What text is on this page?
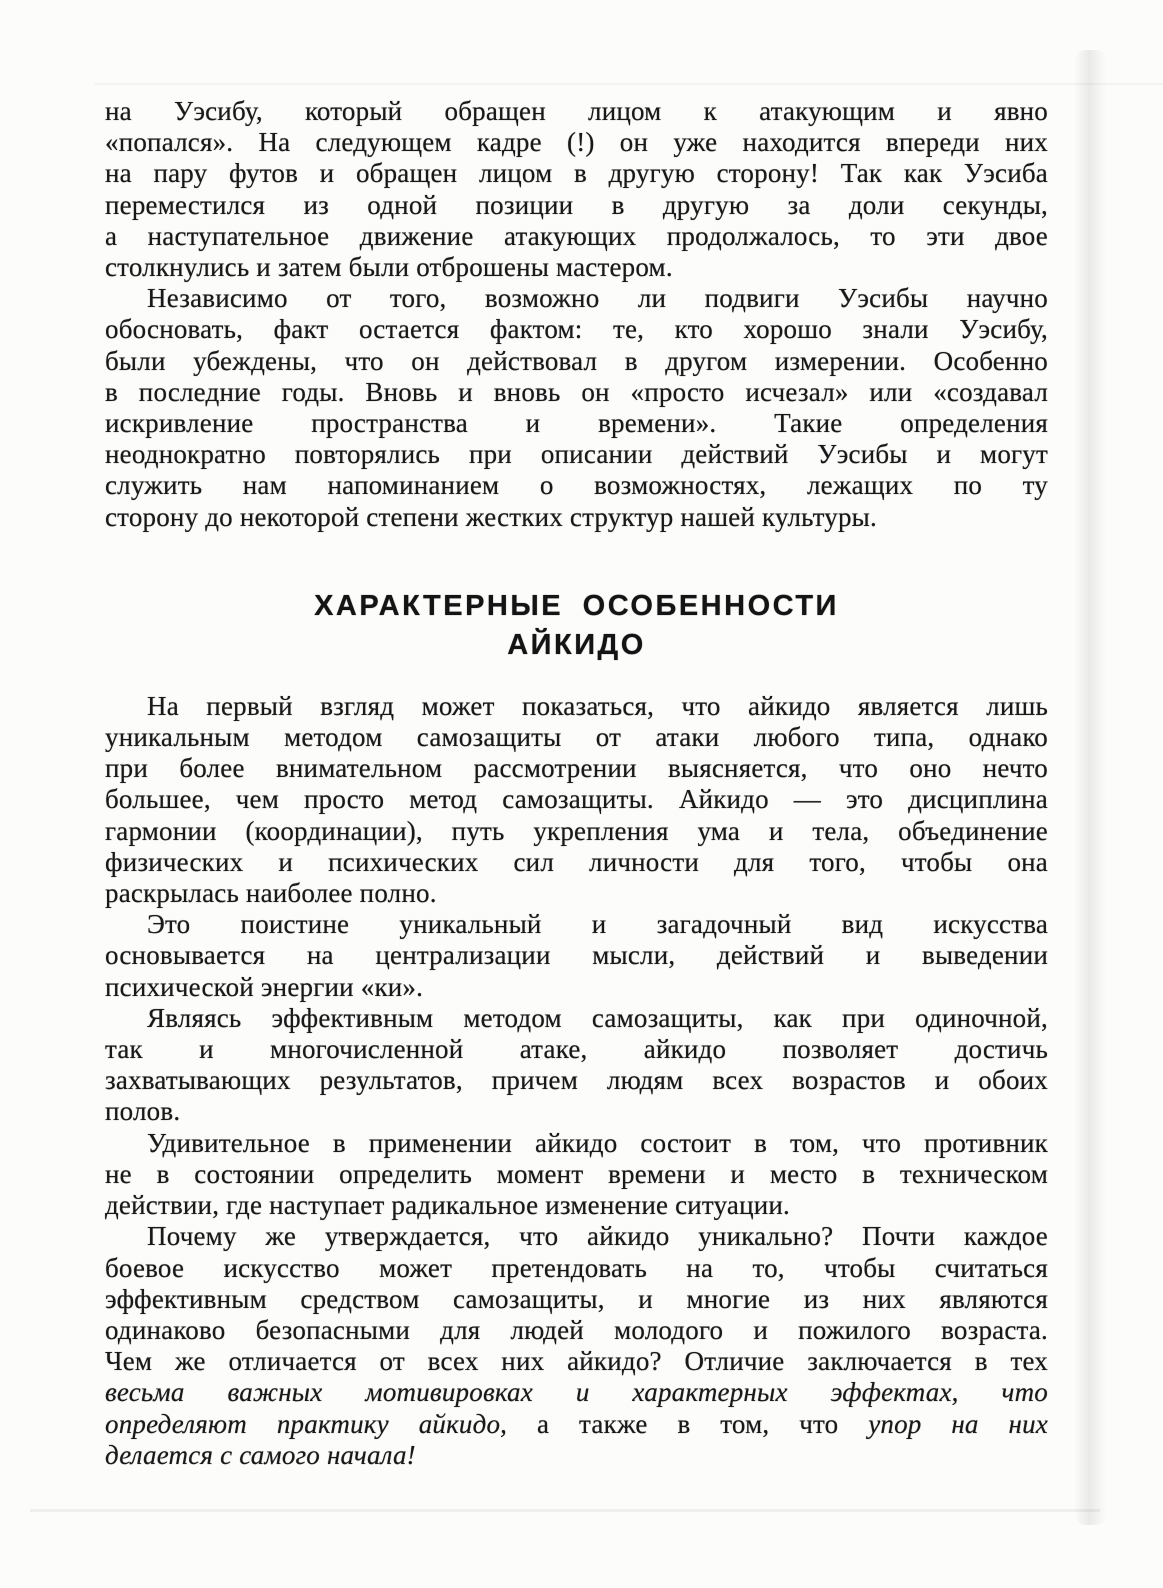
на Уэсибу, который обращен лицом к атакующим и явно
«попался». На следующем кадре (!) он уже находится впереди них
на пару футов и обращен лицом в другую сторону! Так как Уэсиба
переместился из одной позиции в другую за доли секунды,
а наступательное движение атакующих продолжалось, то эти двое
столкнулись и затем были отброшены мастером.
Независимо от того, возможно ли подвиги Уэсибы научно
обосновать, факт остается фактом: те, кто хорошо знали Уэсибу,
были убеждены, что он действовал в другом измерении. Особенно
в последние годы. Вновь и вновь он «просто исчезал» или «создавал
искривление пространства и времени». Такие определения
неоднократно повторялись при описании действий Уэсибы и могут
служить нам напоминанием о возможностях, лежащих по ту
сторону до некоторой степени жестких структур нашей культуры.
ХАРАКТЕРНЫЕ ОСОБЕННОСТИ
АЙКИДО
На первый взгляд может показаться, что айкидо является лишь
уникальным методом самозащиты от атаки любого типа, однако
при более внимательном рассмотрении выясняется, что оно нечто
большее, чем просто метод самозащиты. Айкидо — это дисциплина
гармонии (координации), путь укрепления ума и тела, объединение
физических и психических сил личности для того, чтобы она
раскрылась наиболее полно.
Это поистине уникальный и загадочный вид искусства
основывается на централизации мысли, действий и выведении
психической энергии «ки».
Являясь эффективным методом самозащиты, как при одиночной,
так и многочисленной атаке, айкидо позволяет достичь
захватывающих результатов, причем людям всех возрастов и обоих
полов.
Удивительное в применении айкидо состоит в том, что противник
не в состоянии определить момент времени и место в техническом
действии, где наступает радикальное изменение ситуации.
Почему же утверждается, что айкидо уникально? Почти каждое
боевое искусство может претендовать на то, чтобы считаться
эффективным средством самозащиты, и многие из них являются
одинаково безопасными для людей молодого и пожилого возраста.
Чем же отличается от всех них айкидо? Отличие заключается в тех
весьма важных мотивировках и характерных эффектах, что
определяют практику айкидо, а также в том, что упор на них
делается с самого начала!
